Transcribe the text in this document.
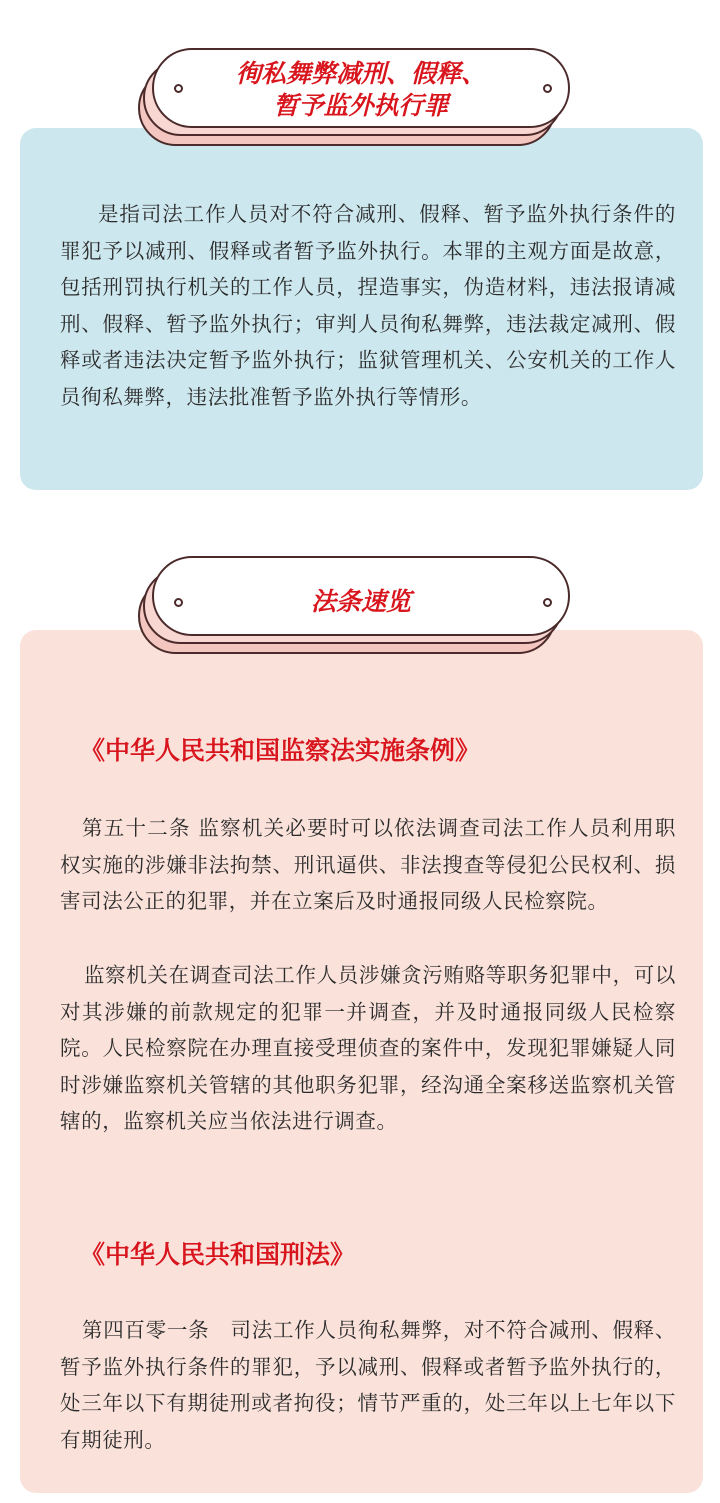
徇私舞弊减刑、假释、
暂予监外执行罪

是指司法工作人员对不符合减刑、假释、暂予监外执行条件的罪犯予以减刑、假释或者暂予监外执行。本罪的主观方面是故意，包括刑罚执行机关的工作人员，捏造事实，伪造材料，违法报请减刑、假释、暂予监外执行；审判人员徇私舞弊，违法裁定减刑、假释或者违法决定暂予监外执行；监狱管理机关、公安机关的工作人员徇私舞弊，违法批准暂予监外执行等情形。

法条速览
《中华人民共和国监察法实施条例》

第五十二条 监察机关必要时可以依法调查司法工作人员利用职权实施的涉嫌非法拘禁、刑讯逼供、非法搜查等侵犯公民权利、损害司法公正的犯罪，并在立案后及时通报同级人民检察院。

监察机关在调查司法工作人员涉嫌贪污贿赂等职务犯罪中，可以对其涉嫌的前款规定的犯罪一并调查，并及时通报同级人民检察院。人民检察院在办理直接受理侦查的案件中，发现犯罪嫌疑人同时涉嫌监察机关管辖的其他职务犯罪，经沟通全案移送监察机关管辖的，监察机关应当依法进行调查。

《中华人民共和国刑法》

第四百零一条　司法工作人员徇私舞弊，对不符合减刑、假释、暂予监外执行条件的罪犯，予以减刑、假释或者暂予监外执行的，处三年以下有期徒刑或者拘役；情节严重的，处三年以上七年以下有期徒刑。
